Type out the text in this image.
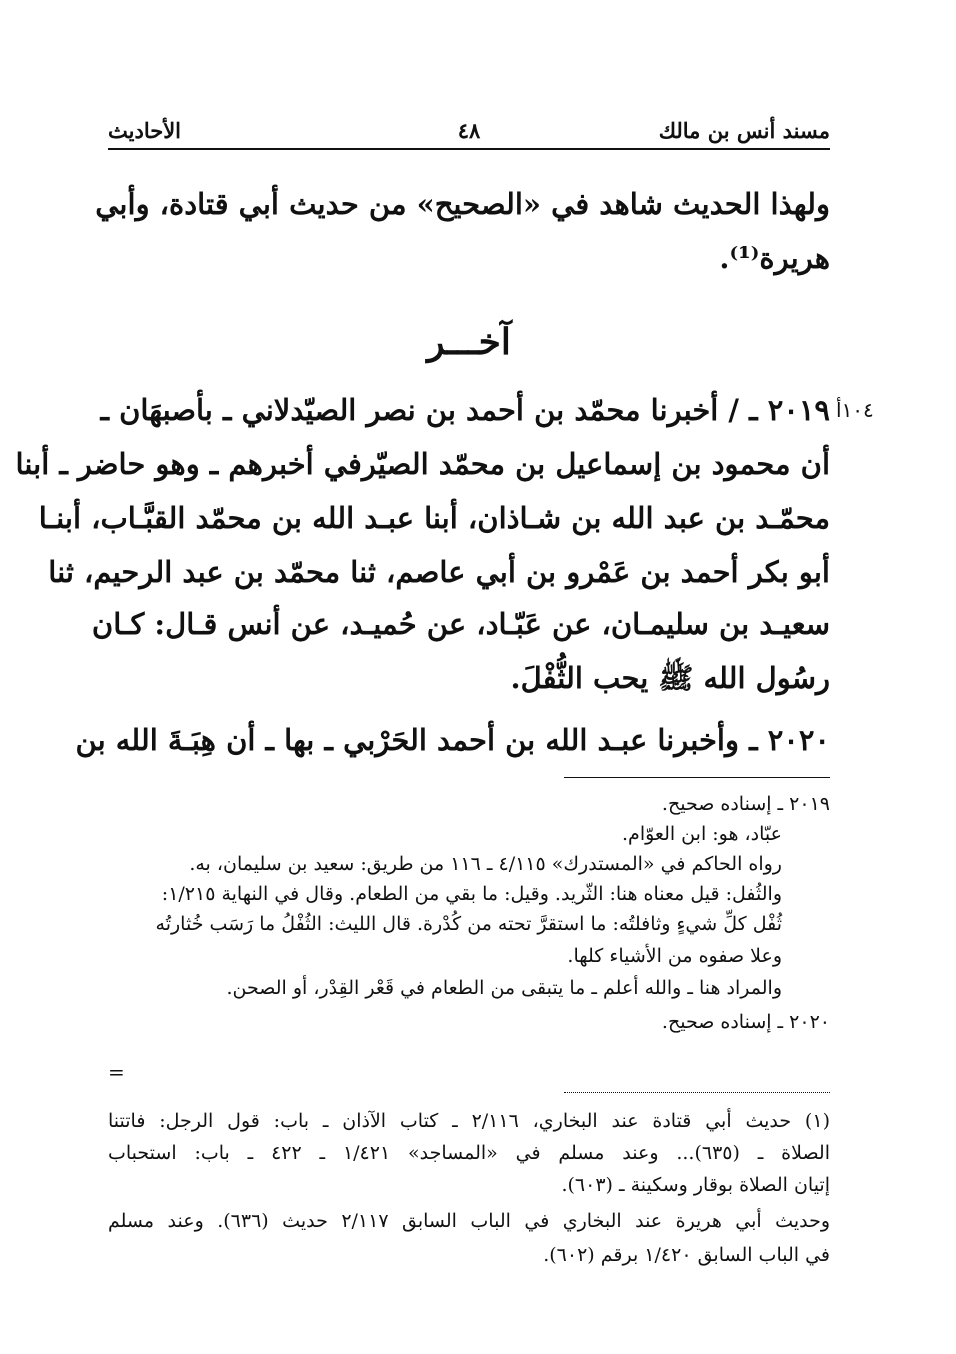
مسند أنس بن مالك
٤٨
الأحاديث
ولهذا الحديث شاهد في «الصحيح» من حديث أبي قتادة، وأبي
هريرة⁽¹⁾.
آخـــر
٢٠١٩ ـ / أخبرنا محمّد بن أحمد بن نصر الصيّدلاني ـ بأصبهَان ـ
أن محمود بن إسماعيل بن محمّد الصيّرفي أخبرهم ـ وهو حاضر ـ أبنا
محمّـد بن عبد الله بن شـاذان، أبنا عبـد الله بن محمّد القبَّـاب، أبنـا
أبو بكر أحمد بن عَمْرو بن أبي عاصم، ثنا محمّد بن عبد الرحيم، ثنا
سعيـد بن سليمـان، عن عَبّـاد، عن حُميـد، عن أنس قـال: كـان
رسُول الله ﷺ يحب الثُّفْلَ.
٢٠٢٠ ـ وأخبرنا عبـد الله بن أحمد الحَرْبي ـ بها ـ أن هِبَـةَ الله بن
٢٠١٩ ـ إسناده صحيح.
عبّاد، هو: ابن العوّام.
رواه الحاكم في «المستدرك» ٤/١١٥ ـ ١١٦ من طريق: سعيد بن سليمان، به.
والثُفل: قيل معناه هنا: الثّريد. وقيل: ما بقي من الطعام. وقال في النهاية ١/٢١٥:
ثُفْل كلِّ شيءٍ وثافلتُه: ما استقرَّ تحته من كُدْرة. قال الليث: الثُفْلُ ما رَسَب خُثارتُه
وعلا صفوه من الأشياء كلها.
والمراد هنا ـ والله أعلم ـ ما يتبقى من الطعام في قَعْر القِدْر، أو الصحن.
٢٠٢٠ ـ إسناده صحيح.
=
(١) حديث أبي قتادة عند البخاري، ٢/١١٦ ـ كتاب الآذان ـ باب: قول الرجل: فاتتنا
الصلاة ـ (٦٣٥)... وعند مسلم في «المساجد» ١/٤٢١ ـ ٤٢٢ ـ باب: استحباب
إتيان الصلاة بوقار وسكينة ـ (٦٠٣).
وحديث أبي هريرة عند البخاري في الباب السابق ٢/١١٧ حديث (٦٣٦). وعند مسلم
في الباب السابق ١/٤٢٠ برقم (٦٠٢).
١٠٤أ
